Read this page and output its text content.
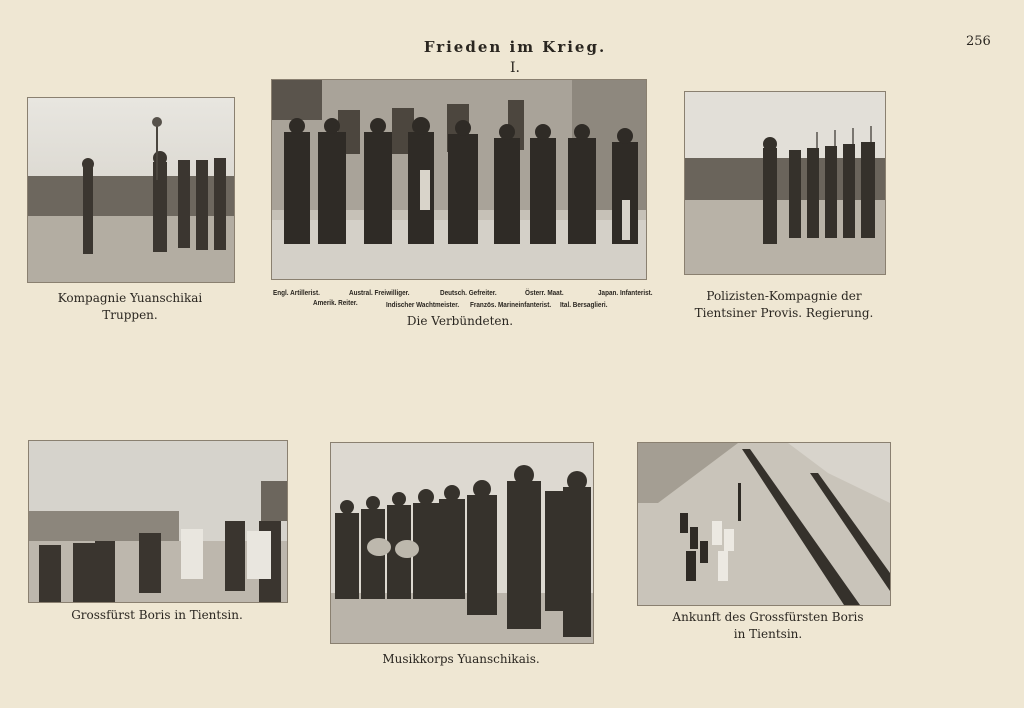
256
Frieden im Krieg.
I.
Kompagnie Yuanschikai
Truppen.
Engl. Artillerist.	Austral. Freiwilliger.	Deutsch. Gefreiter.	Österr. Maat.	Japan. Infanterist.
Amerik. Reiter.	Indischer Wachtmeister. Französ. Marineinfanterist. Ital. Bersaglieri.
Die Verbündeten.
Polizisten-Kompagnie der
Tientsiner Provis. Regierung.
Grossfürst Boris in Tientsin.
Musikkorps Yuanschikais.
Ankunft des Grossfürsten Boris
in Tientsin.
